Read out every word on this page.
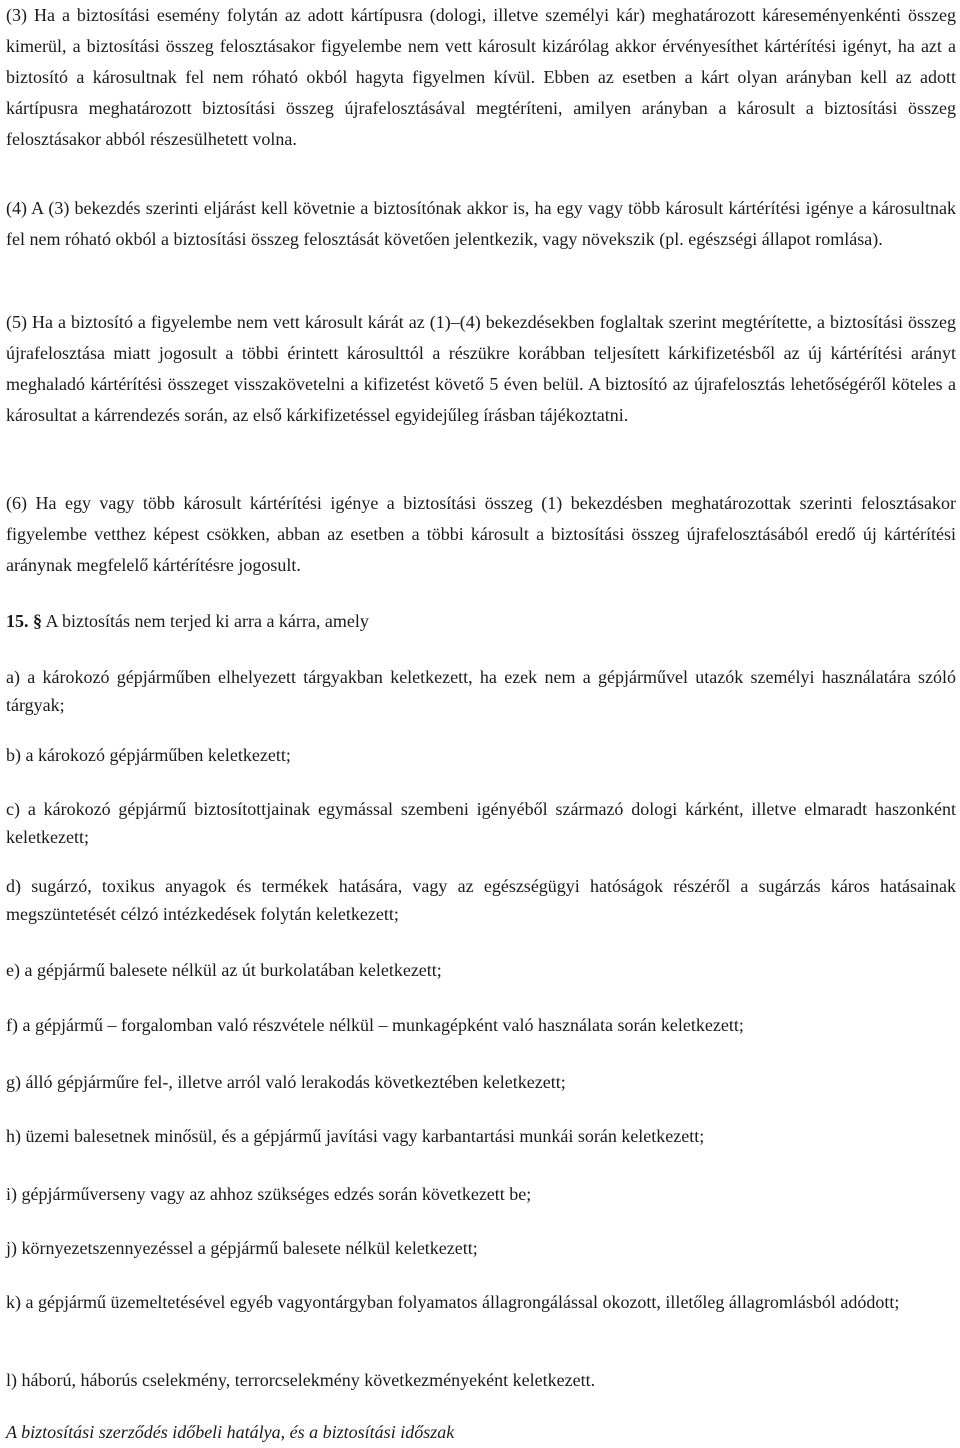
(3) Ha a biztosítási esemény folytán az adott kártípusra (dologi, illetve személyi kár) meghatározott káreseményenkénti összeg kimerül, a biztosítási összeg felosztásakor figyelembe nem vett károsult kizárólag akkor érvényesíthet kártérítési igényt, ha azt a biztosító a károsultnak fel nem róható okból hagyta figyelmen kívül. Ebben az esetben a kárt olyan arányban kell az adott kártípusra meghatározott biztosítási összeg újrafelosztásával megtéríteni, amilyen arányban a károsult a biztosítási összeg felosztásakor abból részesülhetett volna.

(4) A (3) bekezdés szerinti eljárást kell követnie a biztosítónak akkor is, ha egy vagy több károsult kártérítési igénye a károsultnak fel nem róható okból a biztosítási összeg felosztását követően jelentkezik, vagy növekszik (pl. egészségi állapot romlása).

(5) Ha a biztosító a figyelembe nem vett károsult kárát az (1)–(4) bekezdésekben foglaltak szerint megtérítette, a biztosítási összeg újrafelosztása miatt jogosult a többi érintett károsulttól a részükre korábban teljesített kárkifizetésből az új kártérítési arányt meghaladó kártérítési összeget visszakövetelni a kifizetést követő 5 éven belül. A biztosító az újrafelosztás lehetőségéről köteles a károsultat a kárrendezés során, az első kárkifizetéssel egyidejűleg írásban tájékoztatni.

(6) Ha egy vagy több károsult kártérítési igénye a biztosítási összeg (1) bekezdésben meghatározottak szerinti felosztásakor figyelembe vetthez képest csökken, abban az esetben a többi károsult a biztosítási összeg újrafelosztásából eredő új kártérítési aránynak megfelelő kártérítésre jogosult.

15. § A biztosítás nem terjed ki arra a kárra, amely

a) a károkozó gépjárműben elhelyezett tárgyakban keletkezett, ha ezek nem a gépjárművel utazók személyi használatára szóló tárgyak;

b) a károkozó gépjárműben keletkezett;

c) a károkozó gépjármű biztosítottjainak egymással szembeni igényéből származó dologi kárként, illetve elmaradt haszonként keletkezett;

d) sugárzó, toxikus anyagok és termékek hatására, vagy az egészségügyi hatóságok részéről a sugárzás káros hatásainak megszüntetését célzó intézkedések folytán keletkezett;

e) a gépjármű balesete nélkül az út burkolatában keletkezett;

f) a gépjármű – forgalomban való részvétele nélkül – munkagépként való használata során keletkezett;

g) álló gépjárműre fel-, illetve arról való lerakodás következtében keletkezett;

h) üzemi balesetnek minősül, és a gépjármű javítási vagy karbantartási munkái során keletkezett;

i) gépjárműverseny vagy az ahhoz szükséges edzés során következett be;

j) környezetszennyezéssel a gépjármű balesete nélkül keletkezett;

k) a gépjármű üzemeltetésével egyéb vagyontárgyban folyamatos állagrongálással okozott, illetőleg állagromlásból adódott;

l) háború, háborús cselekmény, terrorcselekmény következményeként keletkezett.

A biztosítási szerződés időbeli hatálya, és a biztosítási időszak
